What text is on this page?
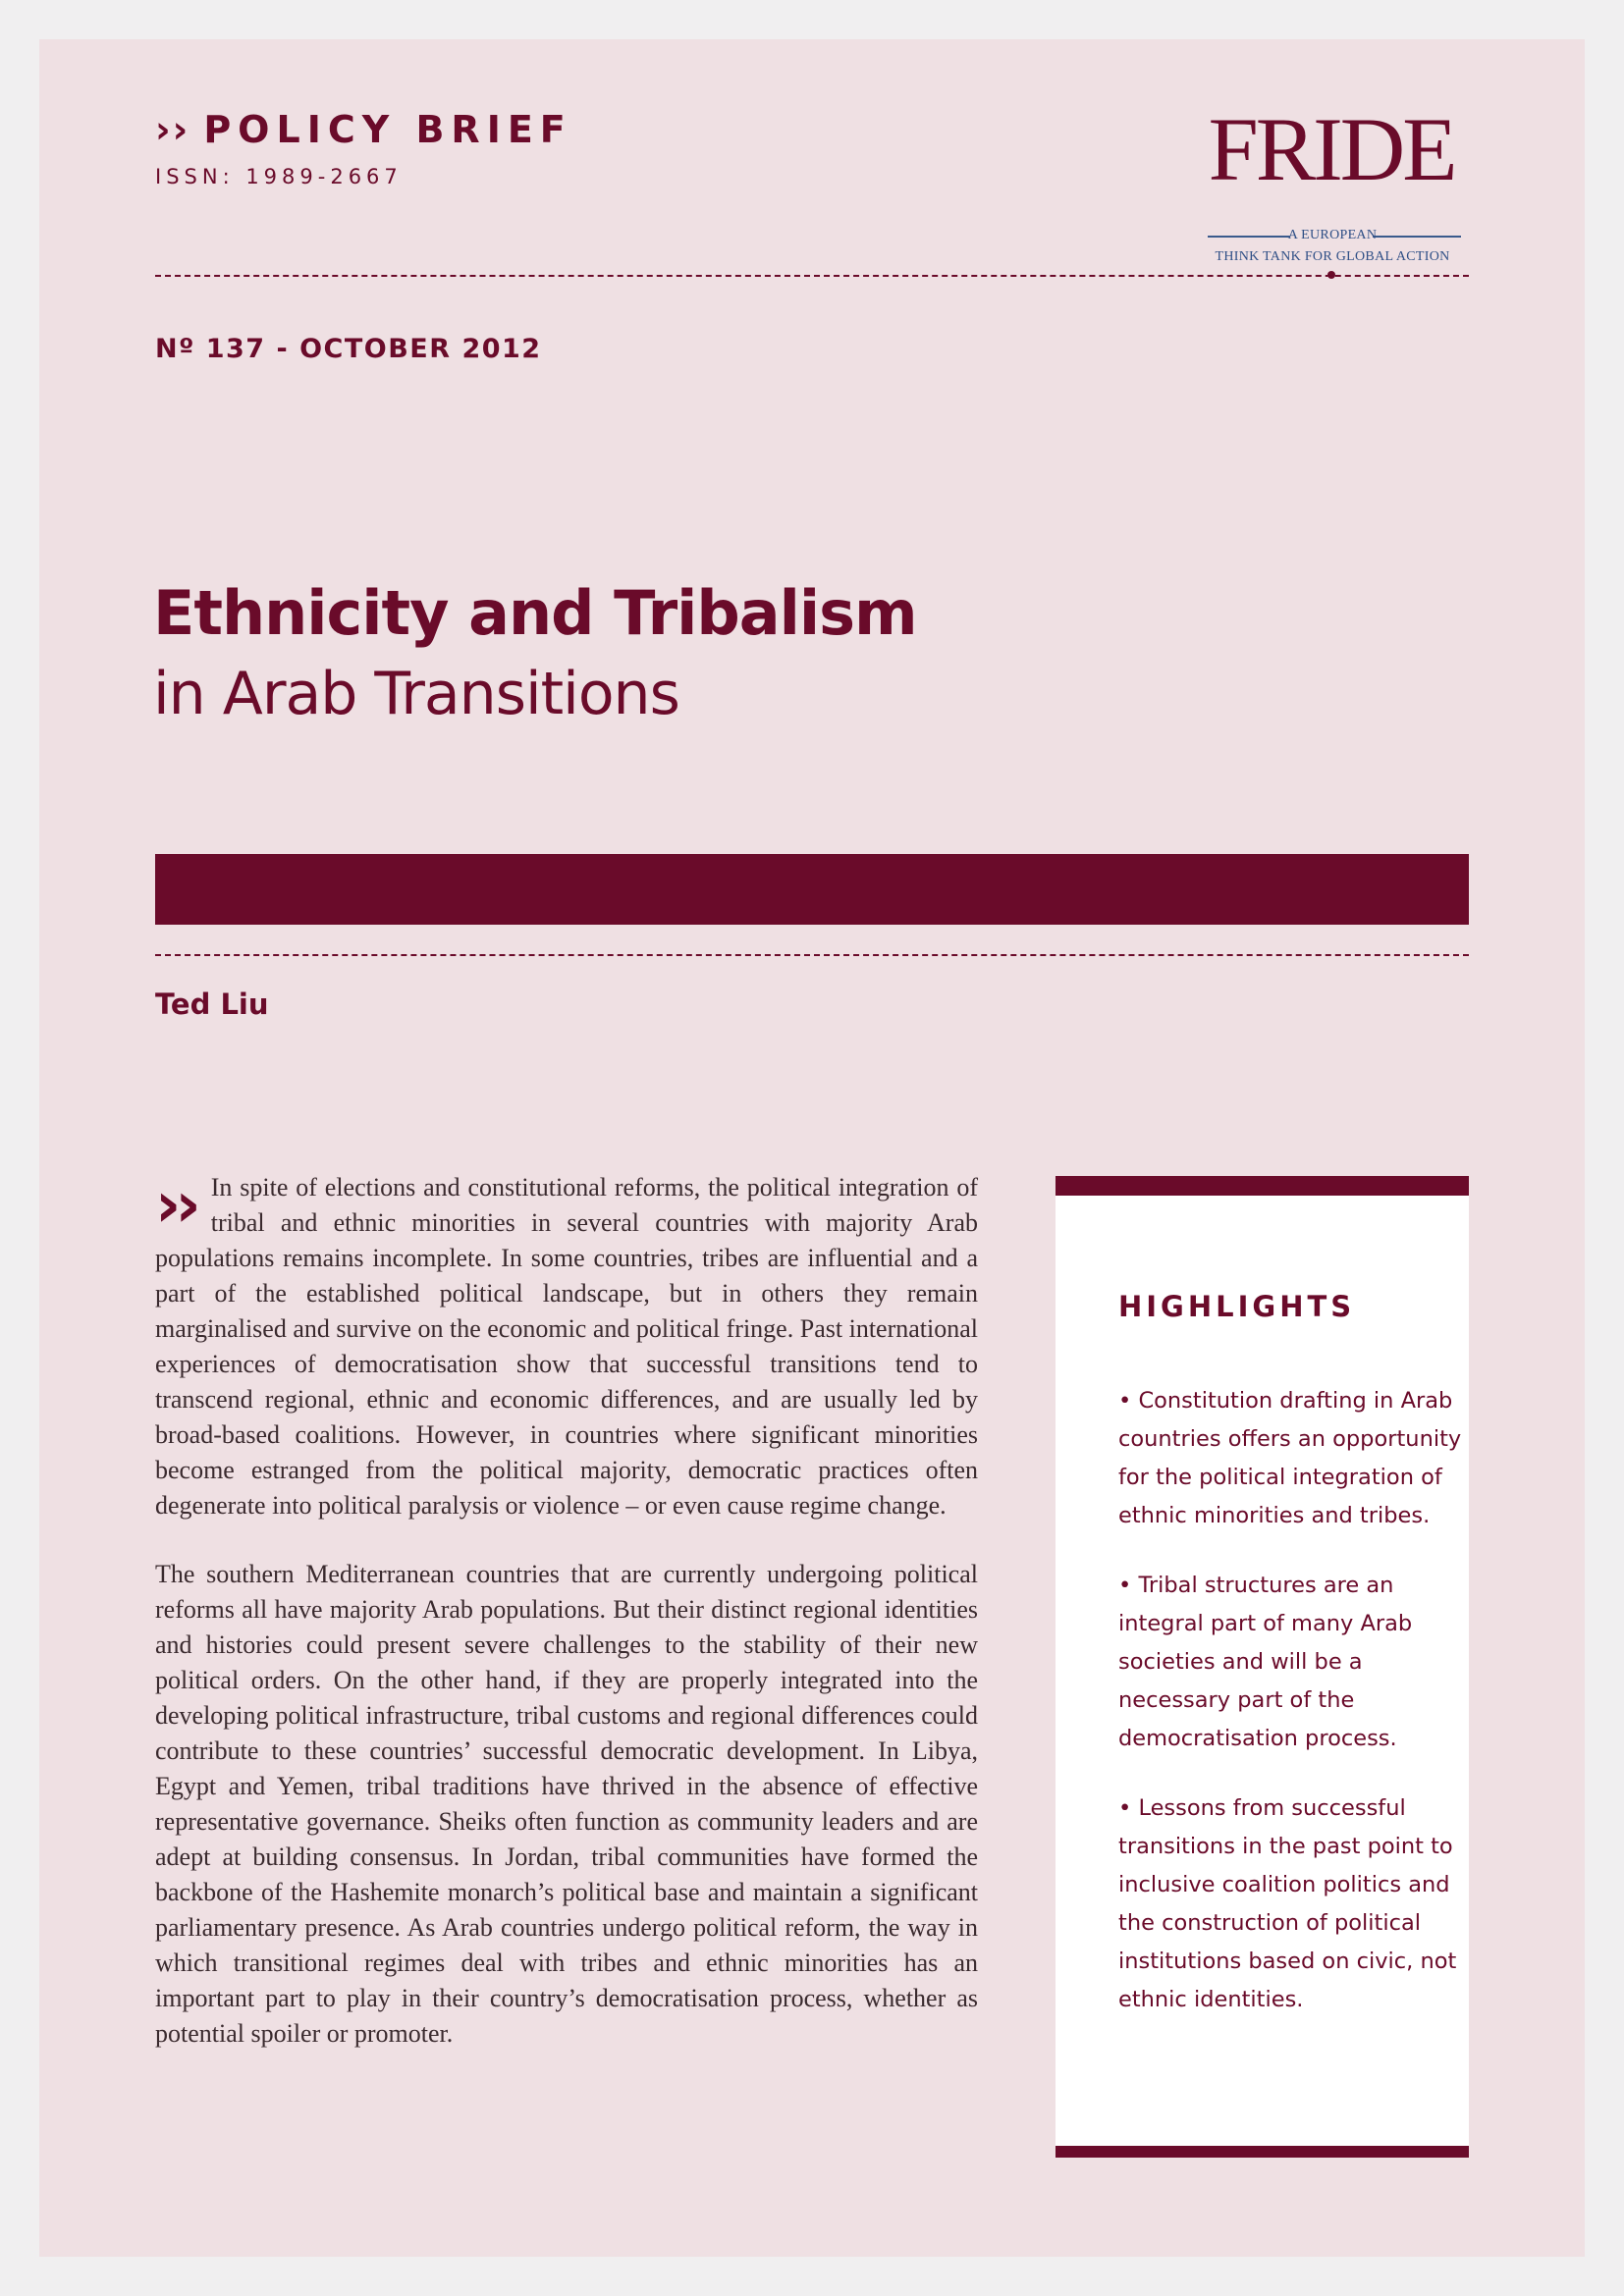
›› POLICY BRIEF
ISSN: 1989-2667	FRIDE
A EUROPEAN
THINK TANK FOR GLOBAL ACTION
Nº 137 - OCTOBER 2012
Ethnicity and Tribalism
in Arab Transitions
Ted Liu

›› In spite of elections and constitutional reforms, the political integration of tribal and ethnic minorities in several countries with majority Arab populations remains incomplete. In some countries, tribes are influential and a part of the established political landscape, but in others they remain marginalised and survive on the economic and political fringe. Past international experiences of democratisation show that successful transitions tend to transcend regional, ethnic and economic differences, and are usually led by broad-based coalitions. However, in countries where significant minorities become estranged from the political majority, democratic practices often degenerate into political paralysis or violence – or even cause regime change.

The southern Mediterranean countries that are currently undergoing political reforms all have majority Arab populations. But their distinct regional identities and histories could present severe challenges to the stability of their new political orders. On the other hand, if they are properly integrated into the developing political infrastructure, tribal customs and regional differences could contribute to these countries’ successful democratic development. In Libya, Egypt and Yemen, tribal traditions have thrived in the absence of effective representative governance. Sheiks often function as community leaders and are adept at building consensus. In Jordan, tribal communities have formed the backbone of the Hashemite monarch’s political base and maintain a significant parliamentary presence. As Arab countries undergo political reform, the way in which transitional regimes deal with tribes and ethnic minorities has an important part to play in their country’s democratisation process, whether as potential spoiler or promoter.

HIGHLIGHTS
• Constitution drafting in Arab countries offers an opportunity for the political integration of ethnic minorities and tribes.
• Tribal structures are an integral part of many Arab societies and will be a necessary part of the democratisation process.
• Lessons from successful transitions in the past point to inclusive coalition politics and the construction of political institutions based on civic, not ethnic identities.
